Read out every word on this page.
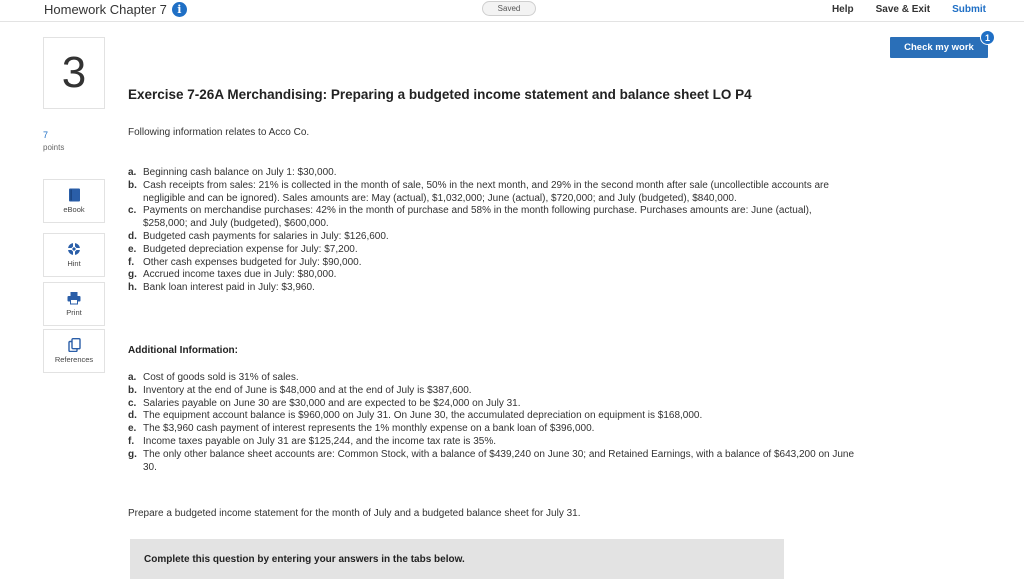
Homework Chapter 7 i	Saved	Help Save & Exit Submit
Check my work
1
3
7
points
eBook
Hint
Print
References
Exercise 7-26A Merchandising: Preparing a budgeted income statement and balance sheet LO P4
Following information relates to Acco Co.
a. Beginning cash balance on July 1: $30,000.
b. Cash receipts from sales: 21% is collected in the month of sale, 50% in the next month, and 29% in the second month after sale (uncollectible accounts are negligible and can be ignored). Sales amounts are: May (actual), $1,032,000; June (actual), $720,000; and July (budgeted), $840,000.
c. Payments on merchandise purchases: 42% in the month of purchase and 58% in the month following purchase. Purchases amounts are: June (actual), $258,000; and July (budgeted), $600,000.
d. Budgeted cash payments for salaries in July: $126,600.
e. Budgeted depreciation expense for July: $7,200.
f. Other cash expenses budgeted for July: $90,000.
g. Accrued income taxes due in July: $80,000.
h. Bank loan interest paid in July: $3,960.
Additional Information:
a. Cost of goods sold is 31% of sales.
b. Inventory at the end of June is $48,000 and at the end of July is $387,600.
c. Salaries payable on June 30 are $30,000 and are expected to be $24,000 on July 31.
d. The equipment account balance is $960,000 on July 31. On June 30, the accumulated depreciation on equipment is $168,000.
e. The $3,960 cash payment of interest represents the 1% monthly expense on a bank loan of $396,000.
f. Income taxes payable on July 31 are $125,244, and the income tax rate is 35%.
g. The only other balance sheet accounts are: Common Stock, with a balance of $439,240 on June 30; and Retained Earnings, with a balance of $643,200 on June 30.
Prepare a budgeted income statement for the month of July and a budgeted balance sheet for July 31.
Complete this question by entering your answers in the tabs below.
